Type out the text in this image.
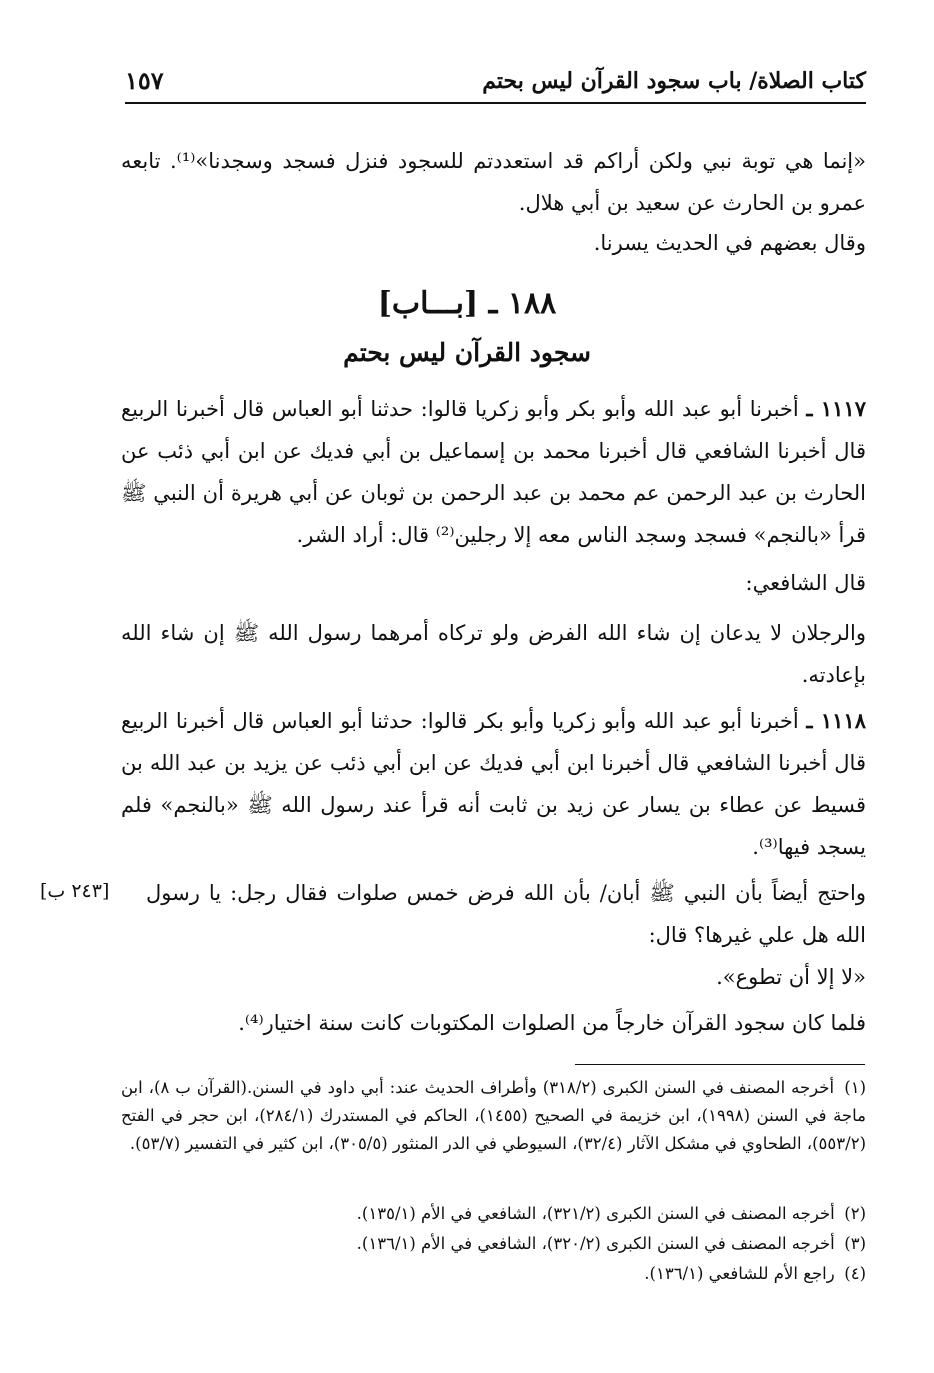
كتاب الصلاة/ باب سجود القرآن ليس بحتم
١٥٧
«إنما هي توبة نبي ولكن أراكم قد استعددتم للسجود فنزل فسجد وسجدنا»⁽¹⁾. تابعه عمرو بن الحارث عن سعيد بن أبي هلال.
وقال بعضهم في الحديث يسرنا.
١٨٨ ـ [بـــاب]
سجود القرآن ليس بحتم
١١١٧ ـ أخبرنا أبو عبد الله وأبو بكر وأبو زكريا قالوا: حدثنا أبو العباس قال أخبرنا الربيع قال أخبرنا الشافعي قال أخبرنا محمد بن إسماعيل بن أبي فديك عن ابن أبي ذئب عن الحارث بن عبد الرحمن عم محمد بن عبد الرحمن بن ثوبان عن أبي هريرة أن النبي ﷺ قرأ «بالنجم» فسجد وسجد الناس معه إلا رجلين⁽²⁾ قال: أراد الشر.
قال الشافعي:
والرجلان لا يدعان إن شاء الله الفرض ولو تركاه أمرهما رسول الله ﷺ إن شاء الله بإعادته.
١١١٨ ـ أخبرنا أبو عبد الله وأبو زكريا وأبو بكر قالوا: حدثنا أبو العباس قال أخبرنا الربيع قال أخبرنا الشافعي قال أخبرنا ابن أبي فديك عن ابن أبي ذئب عن يزيد بن عبد الله بن قسيط عن عطاء بن يسار عن زيد بن ثابت أنه قرأ عند رسول الله ﷺ «بالنجم» فلم يسجد فيها⁽³⁾.
[٢٤٣ ب] واحتج أيضاً بأن النبي ﷺ أبان/ بأن الله فرض خمس صلوات فقال رجل: يا رسول الله هل علي غيرها؟ قال:
«لا إلا أن تطوع».
فلما كان سجود القرآن خارجاً من الصلوات المكتوبات كانت سنة اختيار⁽⁴⁾.
(١) أخرجه المصنف في السنن الكبرى (٣١٨/٢) وأطراف الحديث عند: أبي داود في السنن.(القرآن ب ٨)، ابن ماجة في السنن (١٩٩٨)، ابن خزيمة في الصحيح (١٤٥٥)، الحاكم في المستدرك (٢٨٤/١)، ابن حجر في الفتح (٥٥٣/٢)، الطحاوي في مشكل الآثار (٣٢/٤)، السيوطي في الدر المنثور (٣٠٥/٥)، ابن كثير في التفسير (٥٣/٧).
(٢) أخرجه المصنف في السنن الكبرى (٣٢١/٢)، الشافعي في الأم (١٣٥/١).
(٣) أخرجه المصنف في السنن الكبرى (٣٢٠/٢)، الشافعي في الأم (١٣٦/١).
(٤) راجع الأم للشافعي (١٣٦/١).
